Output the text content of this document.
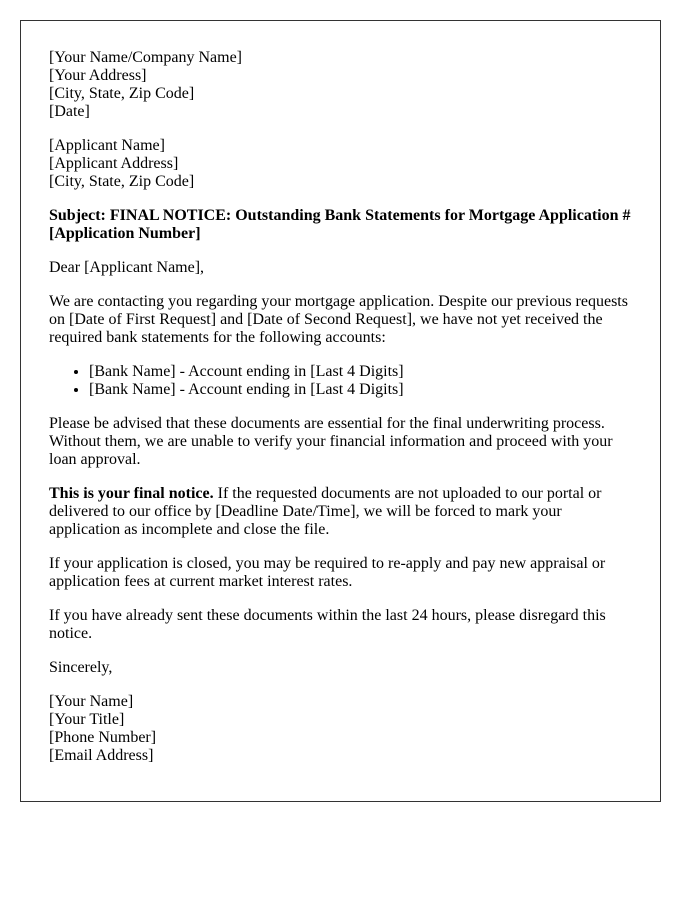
[Your Name/Company Name]
[Your Address]
[City, State, Zip Code]
[Date]

[Applicant Name]
[Applicant Address]
[City, State, Zip Code]

Subject: FINAL NOTICE: Outstanding Bank Statements for Mortgage Application # [Application Number]

Dear [Applicant Name],

We are contacting you regarding your mortgage application. Despite our previous requests on [Date of First Request] and [Date of Second Request], we have not yet received the required bank statements for the following accounts:

• [Bank Name] - Account ending in [Last 4 Digits]
• [Bank Name] - Account ending in [Last 4 Digits]

Please be advised that these documents are essential for the final underwriting process. Without them, we are unable to verify your financial information and proceed with your loan approval.

This is your final notice. If the requested documents are not uploaded to our portal or delivered to our office by [Deadline Date/Time], we will be forced to mark your application as incomplete and close the file.

If your application is closed, you may be required to re-apply and pay new appraisal or application fees at current market interest rates.

If you have already sent these documents within the last 24 hours, please disregard this notice.

Sincerely,

[Your Name]
[Your Title]
[Phone Number]
[Email Address]
